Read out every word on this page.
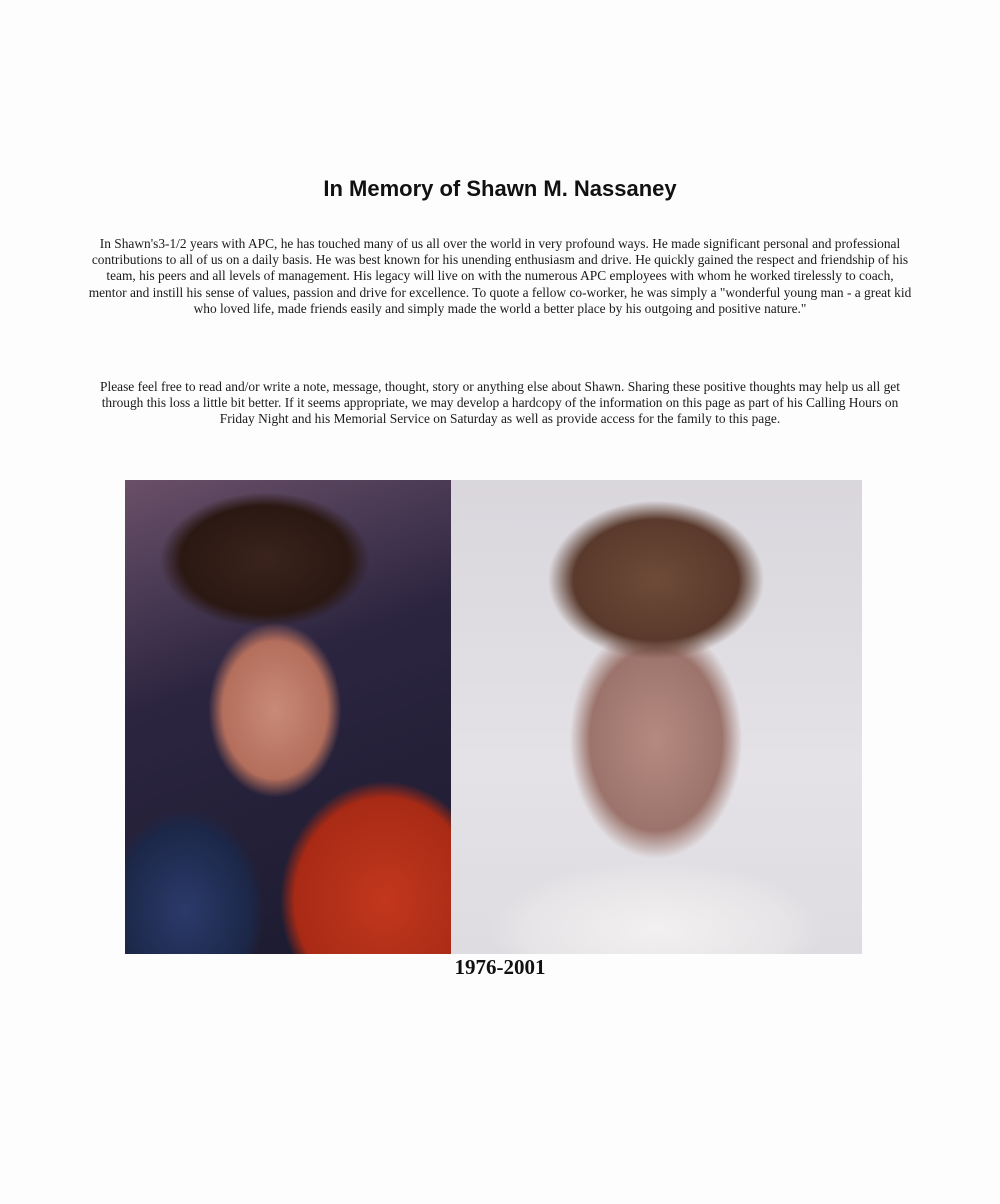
In Memory of Shawn M. Nassaney

In Shawn's3-1/2 years with APC, he has touched many of us all over the world in very profound ways. He made significant personal and professional contributions to all of us on a daily basis. He was best known for his unending enthusiasm and drive. He quickly gained the respect and friendship of his team, his peers and all levels of management. His legacy will live on with the numerous APC employees with whom he worked tirelessly to coach, mentor and instill his sense of values, passion and drive for excellence. To quote a fellow co-worker, he was simply a "wonderful young man - a great kid who loved life, made friends easily and simply made the world a better place by his outgoing and positive nature."

Please feel free to read and/or write a note, message, thought, story or anything else about Shawn. Sharing these positive thoughts may help us all get through this loss a little bit better. If it seems appropriate, we may develop a hardcopy of the information on this page as part of his Calling Hours on Friday Night and his Memorial Service on Saturday as well as provide access for the family to this page.

1976-2001
